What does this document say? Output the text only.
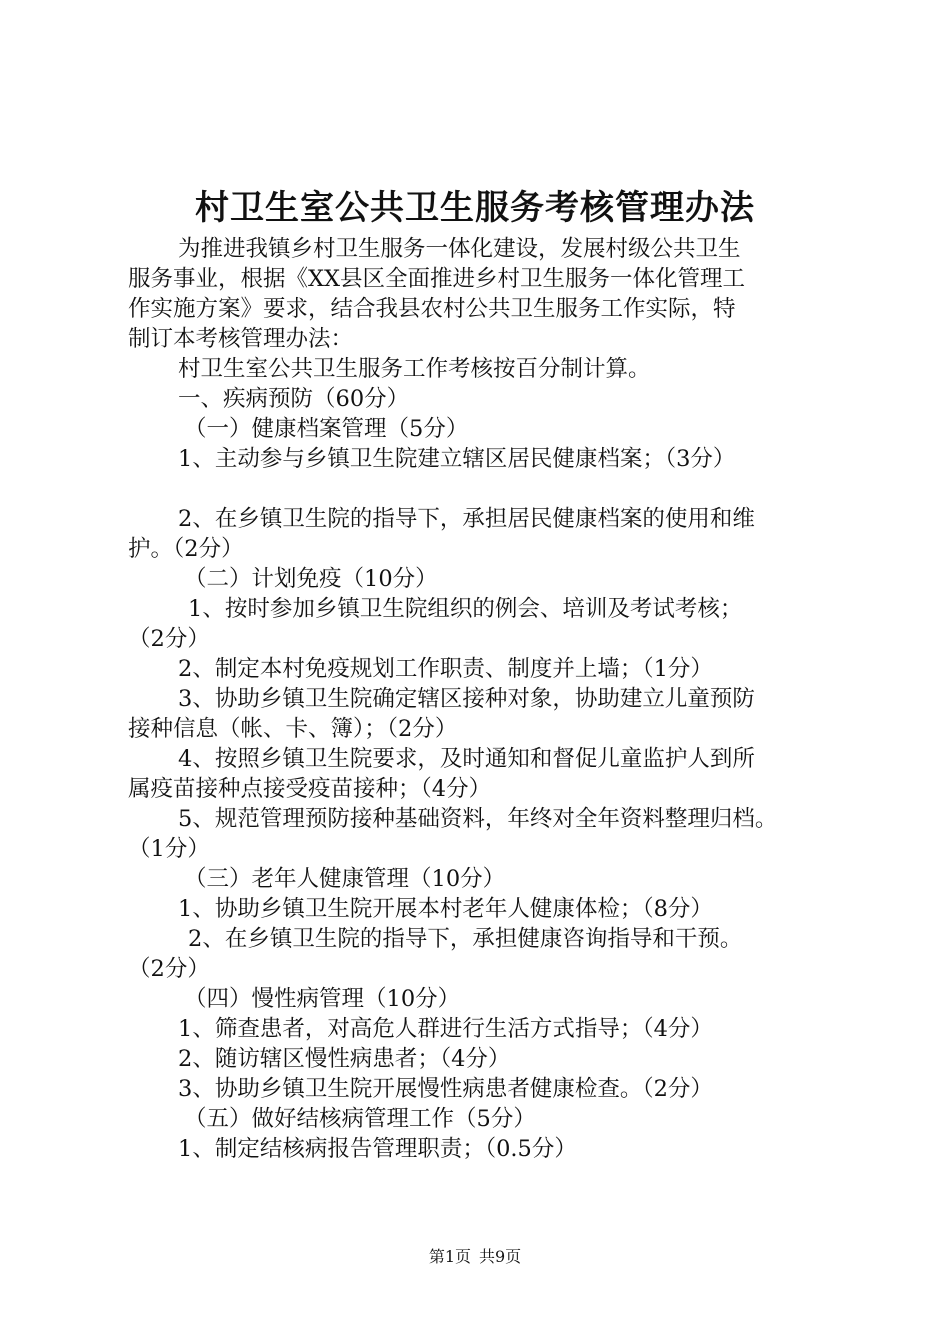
村卫生室公共卫生服务考核管理办法

为推进我镇乡村卫生服务一体化建设，发展村级公共卫生

服务事业，根据《XX县区全面推进乡村卫生服务一体化管理工

作实施方案》要求，结合我县农村公共卫生服务工作实际，特

制订本考核管理办法：

村卫生室公共卫生服务工作考核按百分制计算。

一、疾病预防（60分）

（一）健康档案管理（5分）

1、主动参与乡镇卫生院建立辖区居民健康档案；（3分）

2、在乡镇卫生院的指导下，承担居民健康档案的使用和维

护。（2分）

（二）计划免疫（10分）

1、按时参加乡镇卫生院组织的例会、培训及考试考核；

（2分）

2、制定本村免疫规划工作职责、制度并上墙；（1分）

3、协助乡镇卫生院确定辖区接种对象，协助建立儿童预防

接种信息（帐、卡、簿）；（2分）

4、按照乡镇卫生院要求，及时通知和督促儿童监护人到所

属疫苗接种点接受疫苗接种；（4分）

5、规范管理预防接种基础资料，年终对全年资料整理归档。

（1分）

（三）老年人健康管理（10分）

1、协助乡镇卫生院开展本村老年人健康体检；（8分）

2、在乡镇卫生院的指导下，承担健康咨询指导和干预。

（2分）

（四）慢性病管理（10分）

1、筛查患者，对高危人群进行生活方式指导；（4分）

2、随访辖区慢性病患者；（4分）

3、协助乡镇卫生院开展慢性病患者健康检查。（2分）

（五）做好结核病管理工作（5分）

1、制定结核病报告管理职责；（0.5分）

第1页 共9页
